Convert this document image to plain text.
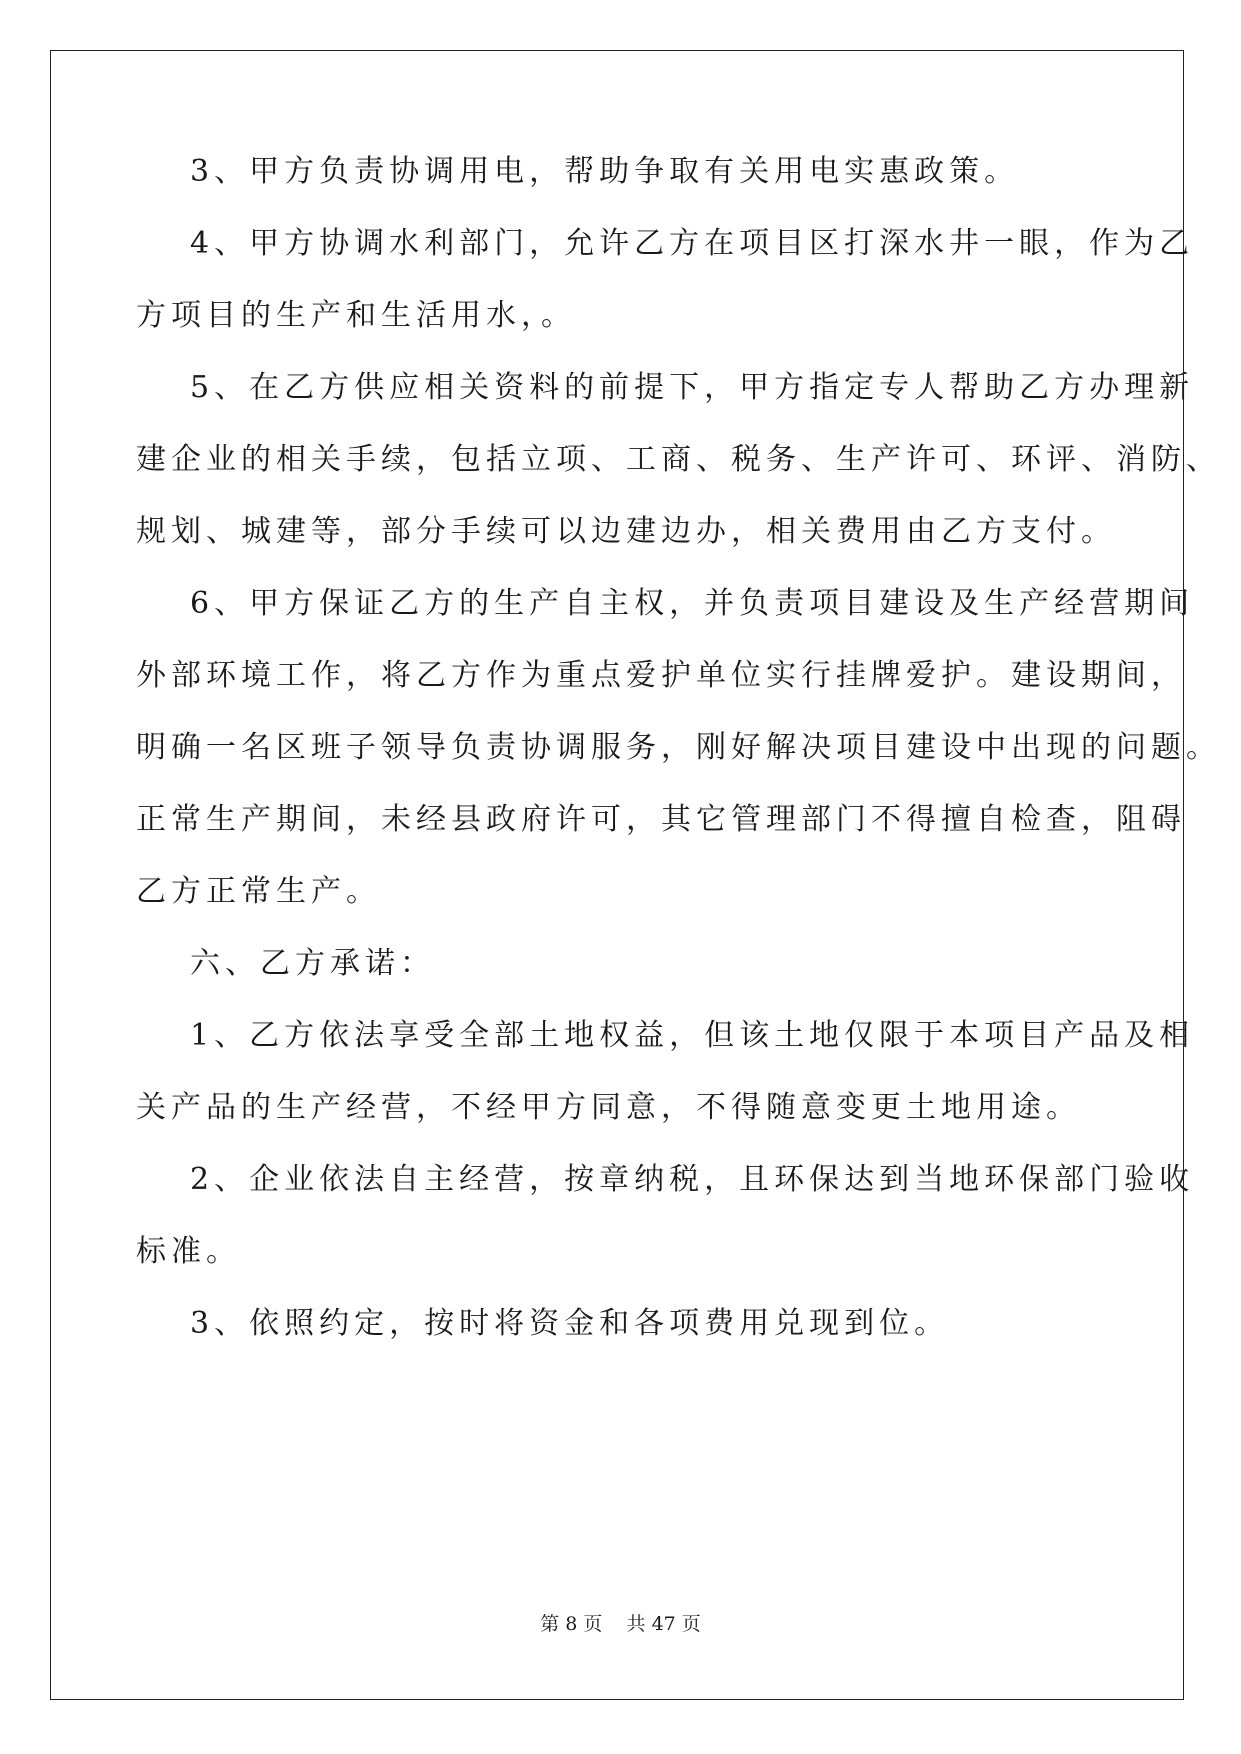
3、甲方负责协调用电，帮助争取有关用电实惠政策。
4、甲方协调水利部门，允许乙方在项目区打深水井一眼，作为乙
方项目的生产和生活用水，。
5、在乙方供应相关资料的前提下，甲方指定专人帮助乙方办理新
建企业的相关手续，包括立项、工商、税务、生产许可、环评、消防、
规划、城建等，部分手续可以边建边办，相关费用由乙方支付。
6、甲方保证乙方的生产自主权，并负责项目建设及生产经营期间
外部环境工作，将乙方作为重点爱护单位实行挂牌爱护。建设期间，
明确一名区班子领导负责协调服务，刚好解决项目建设中出现的问题。
正常生产期间，未经县政府许可，其它管理部门不得擅自检查，阻碍
乙方正常生产。
六、乙方承诺：
1、乙方依法享受全部土地权益，但该土地仅限于本项目产品及相
关产品的生产经营，不经甲方同意，不得随意变更土地用途。
2、企业依法自主经营，按章纳税，且环保达到当地环保部门验收
标准。
3、依照约定，按时将资金和各项费用兑现到位。
第 8 页    共 47 页
